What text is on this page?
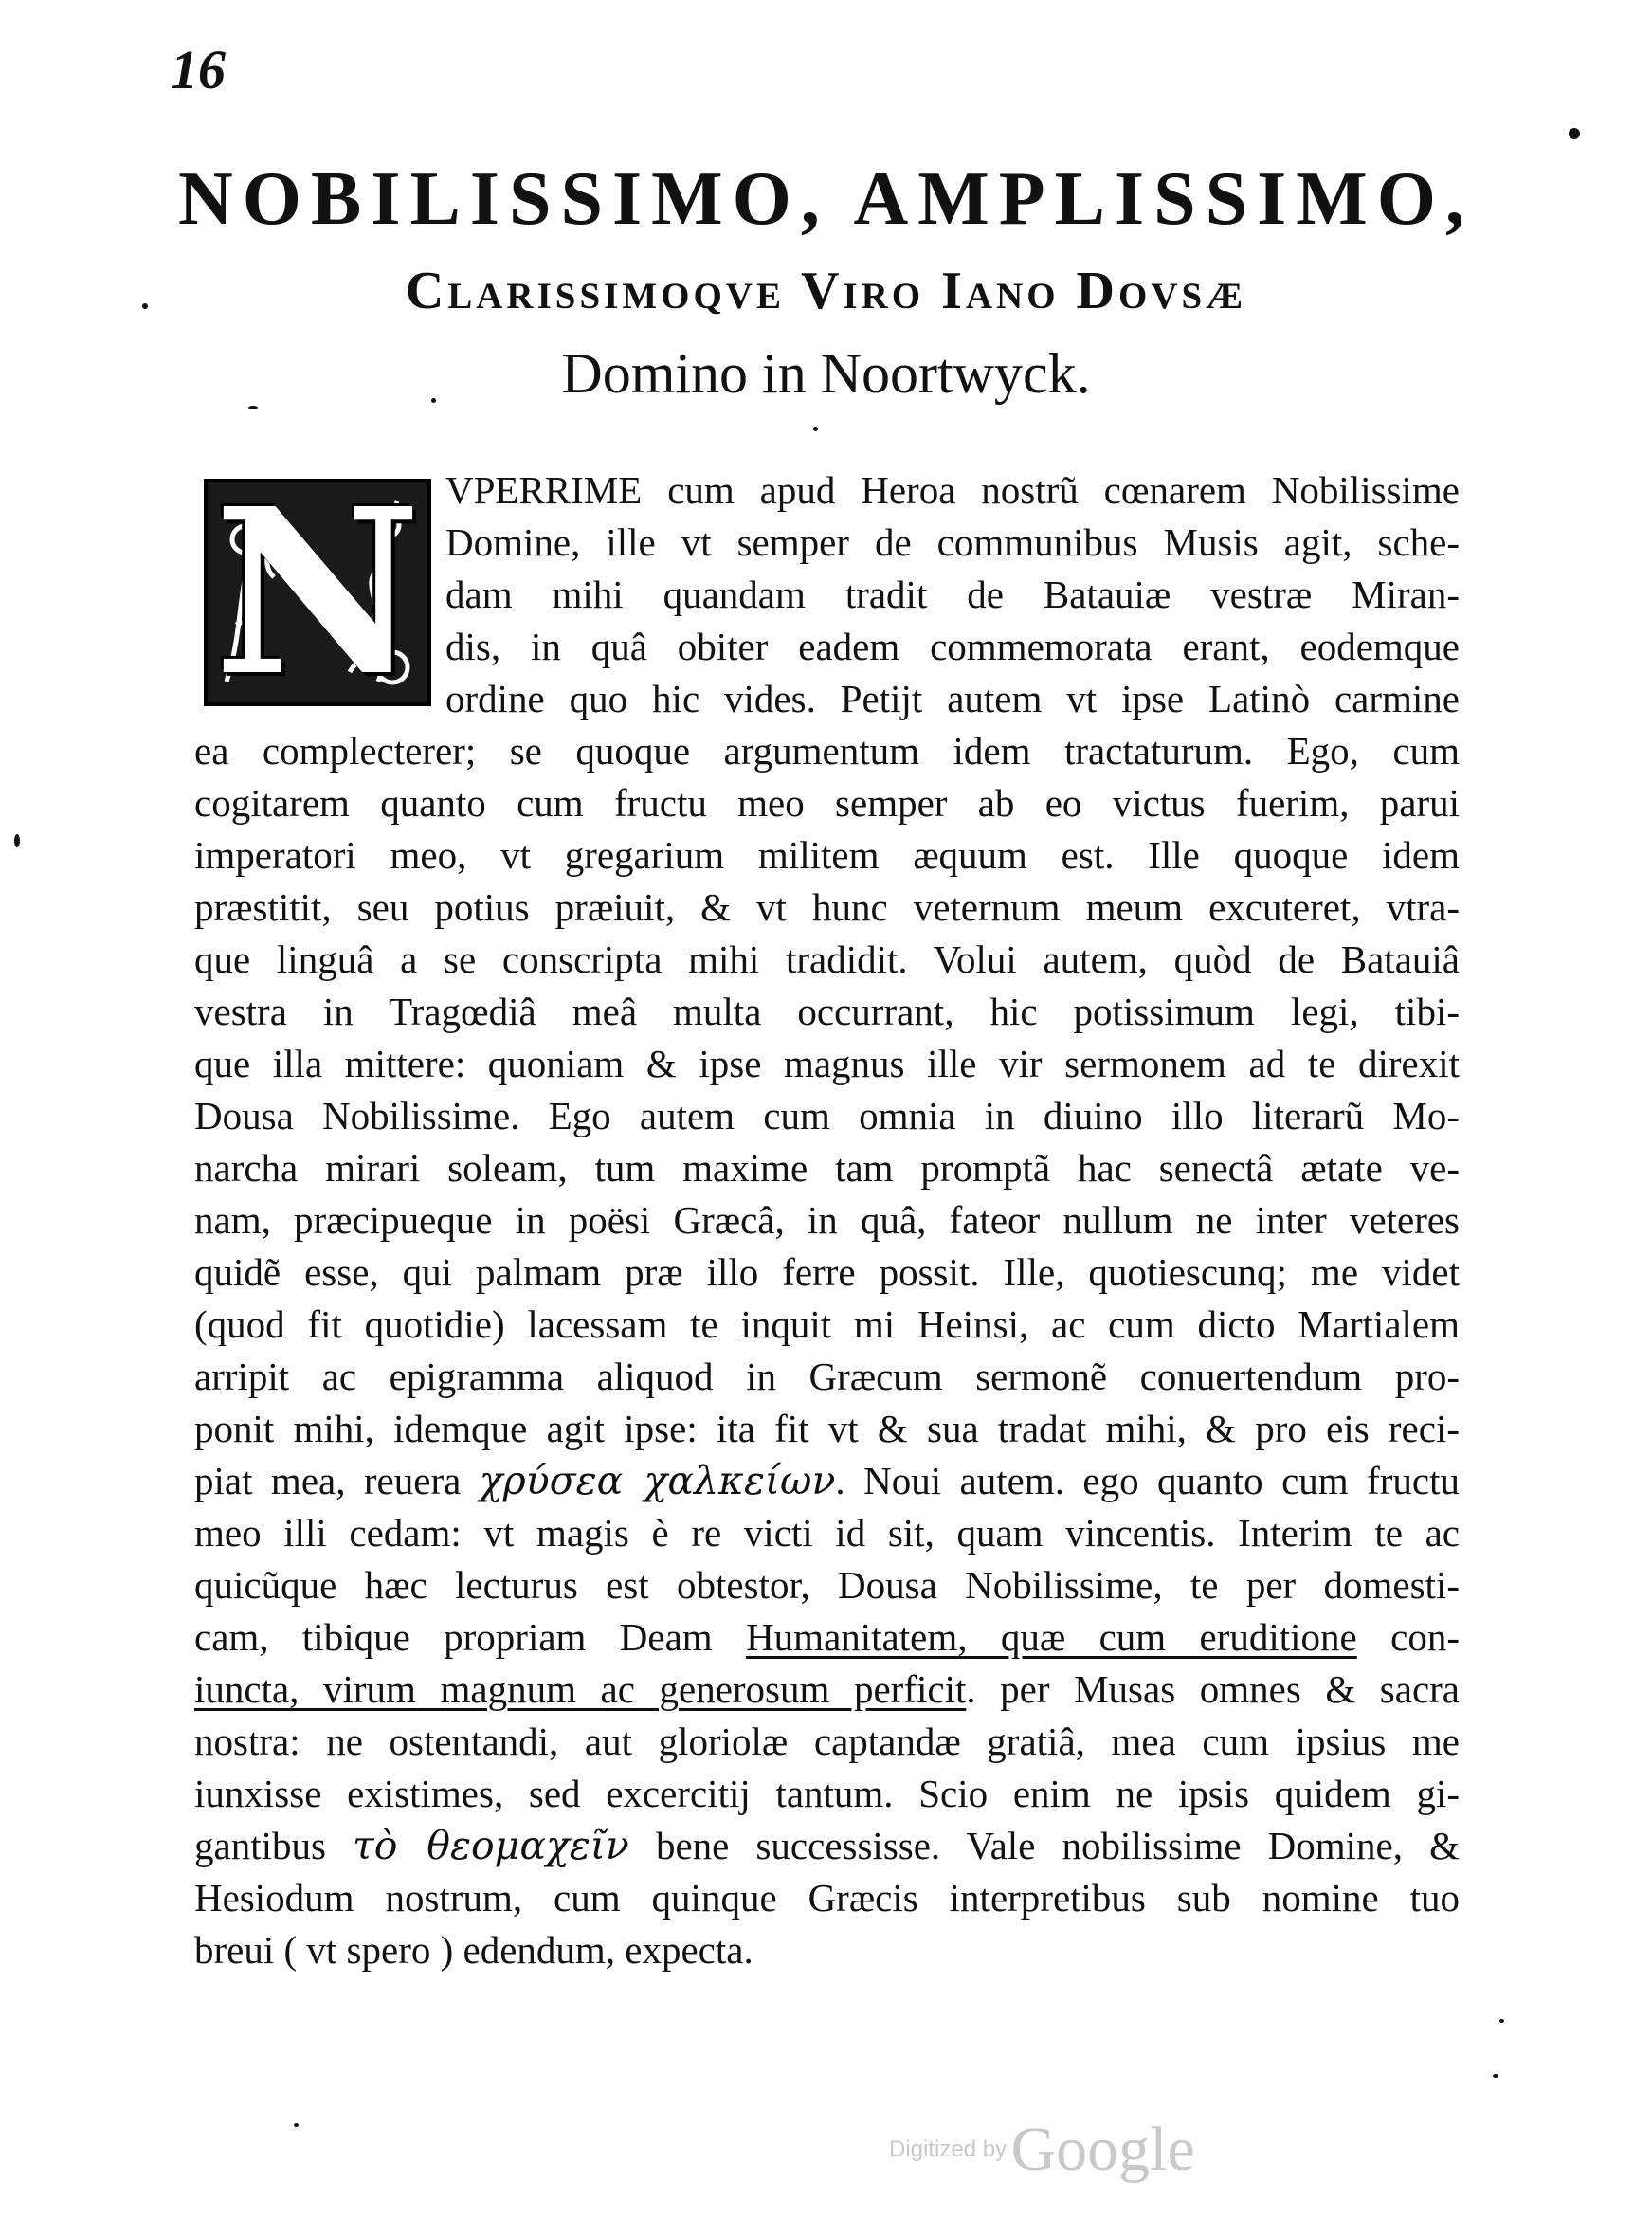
16
NOBILISSIMO, AMPLISSIMO,
Clarissimoqve Viro Iano Dovsæ
Domino in Noortwyck.
N VPERRIME cum apud Heroa nostrũ cœnarem Nobilissime
Domine, ille vt semper de communibus Musis agit, sche-
dam mihi quandam tradit de Batauiæ vestræ Miran-
dis, in quâ obiter eadem commemorata erant, eodemque
ordine quo hic vides. Petijt autem vt ipse Latinò carmine
ea complecterer; se quoque argumentum idem tractaturum. Ego, cum
cogitarem quanto cum fructu meo semper ab eo victus fuerim, parui
imperatori meo, vt gregarium militem æquum est. Ille quoque idem
præstitit, seu potius præiuit, & vt hunc veternum meum excuteret, vtra-
que linguâ a se conscripta mihi tradidit. Volui autem, quòd de Batauiâ
vestra in Tragœdiâ meâ multa occurrant, hic potissimum legi, tibi-
que illa mittere: quoniam & ipse magnus ille vir sermonem ad te direxit
Dousa Nobilissime. Ego autem cum omnia in diuino illo literarũ Mo-
narcha mirari soleam, tum maxime tam promptã hac senectâ ætate ve-
nam, præcipueque in poësi Græcâ, in quâ, fateor nullum ne inter veteres
quidẽ esse, qui palmam præ illo ferre possit. Ille, quotiescunq; me videt
(quod fit quotidie) lacessam te inquit mi Heinsi, ac cum dicto Martialem
arripit ac epigramma aliquod in Græcum sermonẽ conuertendum pro-
ponit mihi, idemque agit ipse: ita fit vt & sua tradat mihi, & pro eis reci-
piat mea, reuera χρύσεα χαλκείων. Noui autem. ego quanto cum fructu
meo illi cedam: vt magis è re victi id sit, quam vincentis. Interim te ac
quicũque hæc lecturus est obtestor, Dousa Nobilissime, te per domesti-
cam, tibique propriam Deam Humanitatem, quæ cum eruditione con-
iuncta, virum magnum ac generosum perficit. per Musas omnes & sacra
nostra: ne ostentandi, aut gloriolæ captandæ gratiâ, mea cum ipsius me
iunxisse existimes, sed excercitij tantum. Scio enim ne ipsis quidem gi-
gantibus τὸ θεομαχεῖν bene successisse. Vale nobilissime Domine, &
Hesiodum nostrum, cum quinque Græcis interpretibus sub nomine tuo
breui ( vt spero ) edendum, expecta.
Digitized by Google
